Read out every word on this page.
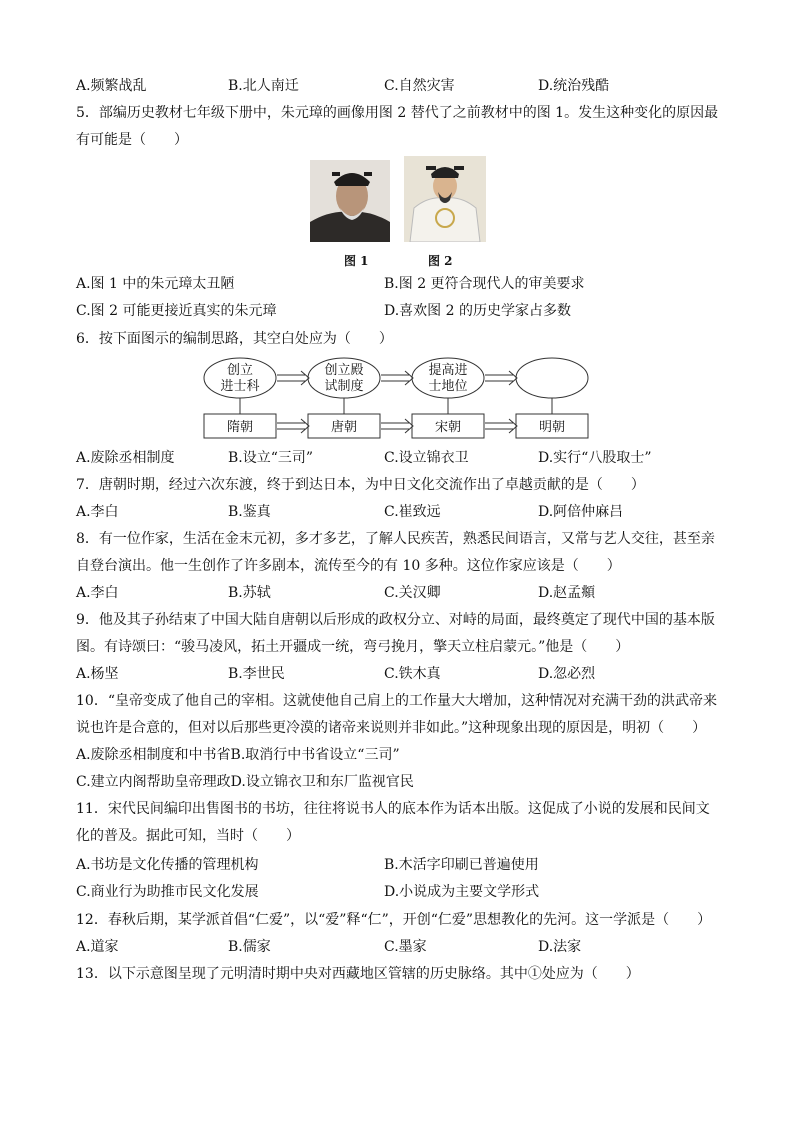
A.频繁战乱	B.北人南迁	C.自然灾害	D.统治残酷
5．部编历史教材七年级下册中，朱元璋的画像用图 2 替代了之前教材中的图 1。发生这种变化的原因最
有可能是（　　）
图 1	图 2
A.图 1 中的朱元璋太丑陋	B.图 2 更符合现代人的审美要求
C.图 2 可能更接近真实的朱元璋	D.喜欢图 2 的历史学家占多数
6．按下面图示的编制思路，其空白处应为（　　）
创立
进士科
创立殿
试制度
提高进
士地位
隋朝	唐朝	宋朝	明朝
A.废除丞相制度	B.设立“三司”	C.设立锦衣卫	D.实行“八股取士”
7．唐朝时期，经过六次东渡，终于到达日本，为中日文化交流作出了卓越贡献的是（　　）
A.李白	B.鉴真	C.崔致远	D.阿倍仲麻吕
8．有一位作家，生活在金末元初，多才多艺，了解人民疾苦，熟悉民间语言，又常与艺人交往，甚至亲
自登台演出。他一生创作了许多剧本，流传至今的有 10 多种。这位作家应该是（　　）
A.李白	B.苏轼	C.关汉卿	D.赵孟頫
9．他及其子孙结束了中国大陆自唐朝以后形成的政权分立、对峙的局面，最终奠定了现代中国的基本版
图。有诗颂曰：“骏马凌风，拓土开疆成一统，弯弓挽月，擎天立柱启蒙元。”他是（　　）
A.杨坚	B.李世民	C.铁木真	D.忽必烈
10．“皇帝变成了他自己的宰相。这就使他自己肩上的工作量大大增加，这种情况对充满干劲的洪武帝来
说也许是合意的，但对以后那些更冷漠的诸帝来说则并非如此。”这种现象出现的原因是，明初（　　）
A.废除丞相制度和中书省B.取消行中书省设立“三司”
C.建立内阁帮助皇帝理政D.设立锦衣卫和东厂监视官民
11．宋代民间编印出售图书的书坊，往往将说书人的底本作为话本出版。这促成了小说的发展和民间文
化的普及。据此可知，当时（　　）
A.书坊是文化传播的管理机构	B.木活字印刷已普遍使用
C.商业行为助推市民文化发展	D.小说成为主要文学形式
12．春秋后期，某学派首倡“仁爱”，以“爱”释“仁”，开创“仁爱”思想教化的先河。这一学派是（　　）
A.道家	B.儒家	C.墨家	D.法家
13．以下示意图呈现了元明清时期中央对西藏地区管辖的历史脉络。其中①处应为（　　）
